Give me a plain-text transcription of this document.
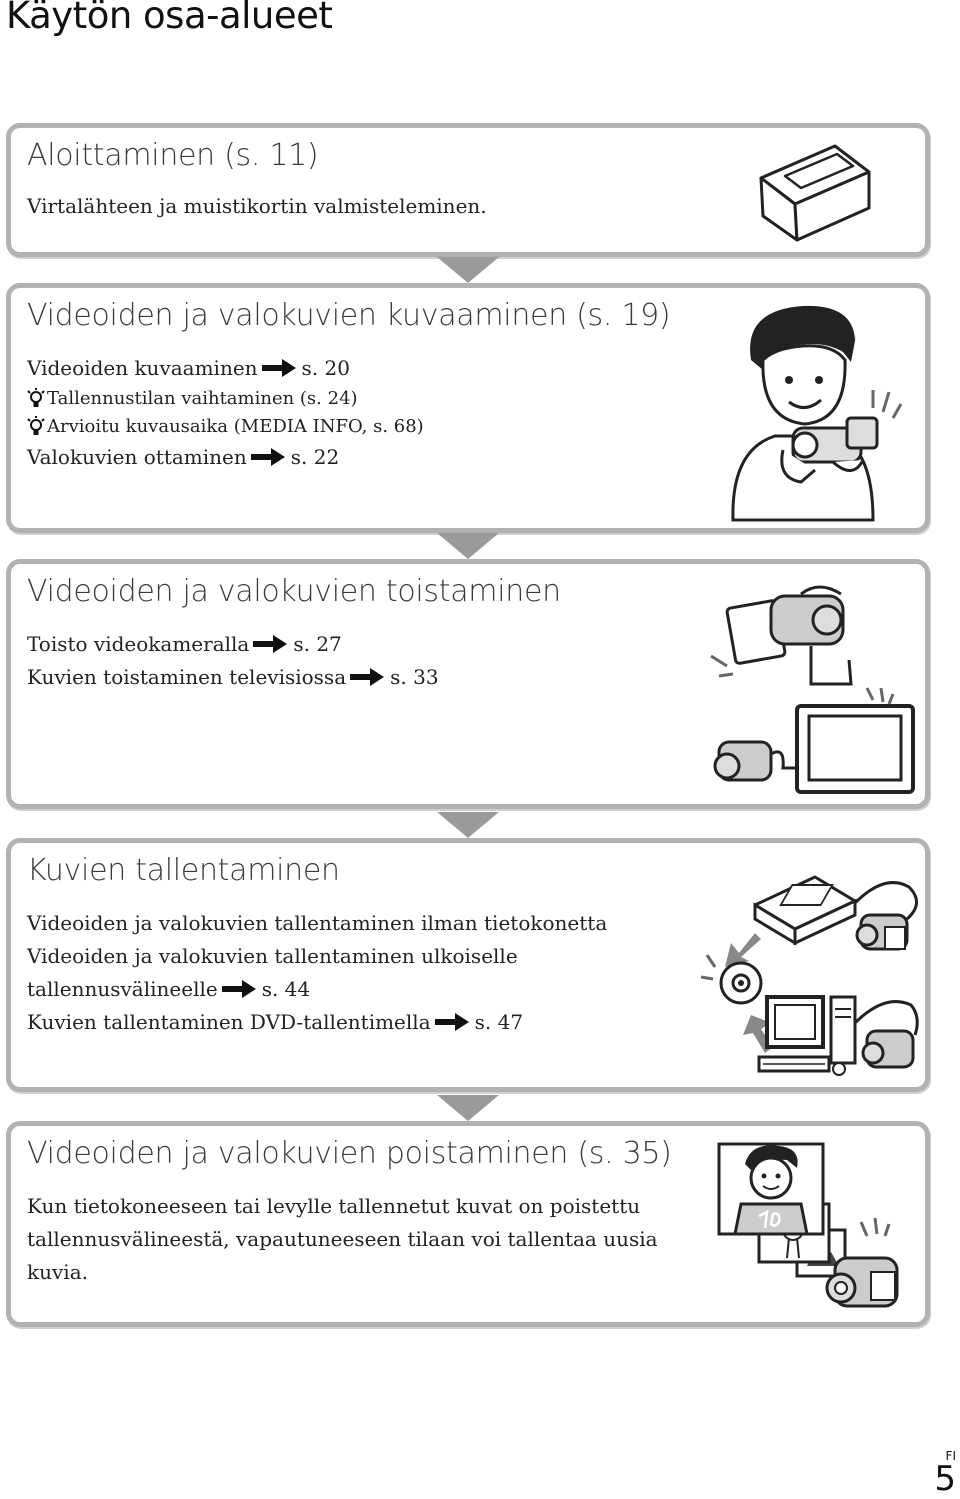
Käytön osa-alueet
Aloittaminen (s. 11)
Virtalähteen ja muistikortin valmisteleminen.
Videoiden ja valokuvien kuvaaminen (s. 19)
Videoiden kuvaaminen s. 20
Tallennustilan vaihtaminen (s. 24)
Arvioitu kuvausaika (MEDIA INFO, s. 68)
Valokuvien ottaminen s. 22
Videoiden ja valokuvien toistaminen
Toisto videokameralla s. 27
Kuvien toistaminen televisiossa s. 33
Kuvien tallentaminen
Videoiden ja valokuvien tallentaminen ilman tietokonetta
Videoiden ja valokuvien tallentaminen ulkoiselle
tallennusvälineelle s. 44
Kuvien tallentaminen DVD-tallentimella s. 47
Videoiden ja valokuvien poistaminen (s. 35)
Kun tietokoneeseen tai levylle tallennetut kuvat on poistettu
tallennusvälineestä, vapautuneeseen tilaan voi tallentaa uusia
kuvia.
FI
5
